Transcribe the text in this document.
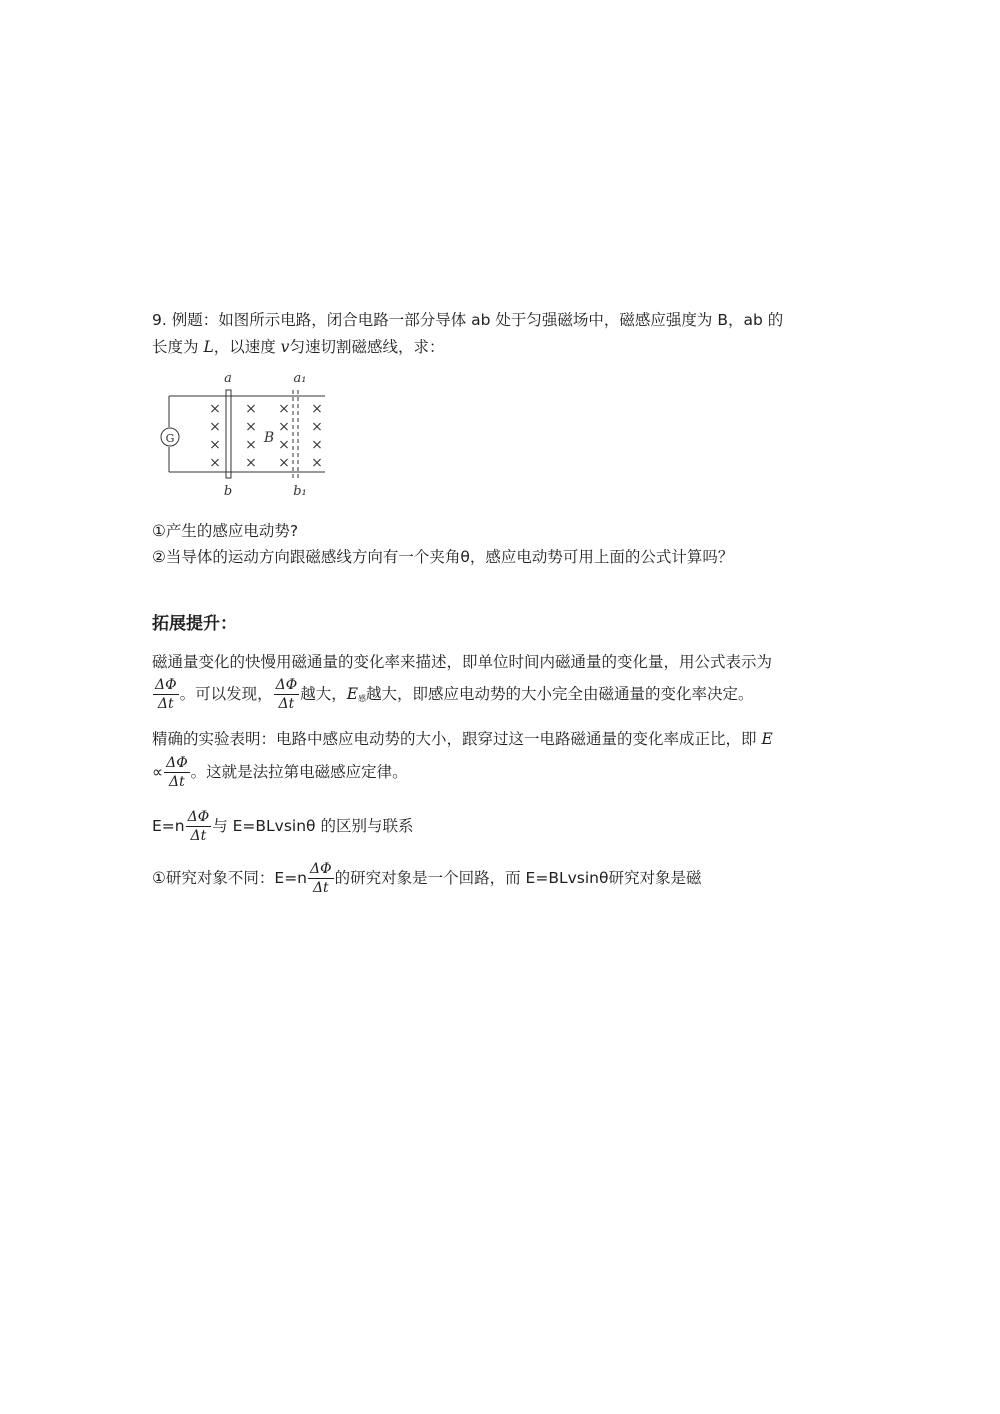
9. 例题：如图所示电路，闭合电路一部分导体 ab 处于匀强磁场中，磁感应强度为 B，ab 的
长度为 L，以速度 v匀速切割磁感线，求：
G
a
b
a₁
b₁
B
×
×
×
×
×
×
×
×
×
×
×
×
×
×
×
×
①产生的感应电动势?
②当导体的运动方向跟磁感线方向有一个夹角θ，感应电动势可用上面的公式计算吗？
拓展提升：
磁通量变化的快慢用磁通量的变化率来描述，即单位时间内磁通量的变化量，用公式表示为
$\frac{\Delta\Phi}{\Delta t}$ 。可以发现， $\frac{\Delta\Phi}{\Delta t}$ 越大，$E_感$越大，即感应电动势的大小完全由磁通量的变化率决定。
精确的实验表明：电路中感应电动势的大小，跟穿过这一电路磁通量的变化率成正比，即 E
∝ $\frac{\Delta\Phi}{\Delta t}$ 。这就是法拉第电磁感应定律。
$E=n \frac{\Delta\Phi}{\Delta t}$ 与 E=BLvsinθ 的区别与联系
①研究对象不同：$E=n \frac{\Delta\Phi}{\Delta t}$ 的研究对象是一个回路，而 E=BLvsinθ研究对象是磁
